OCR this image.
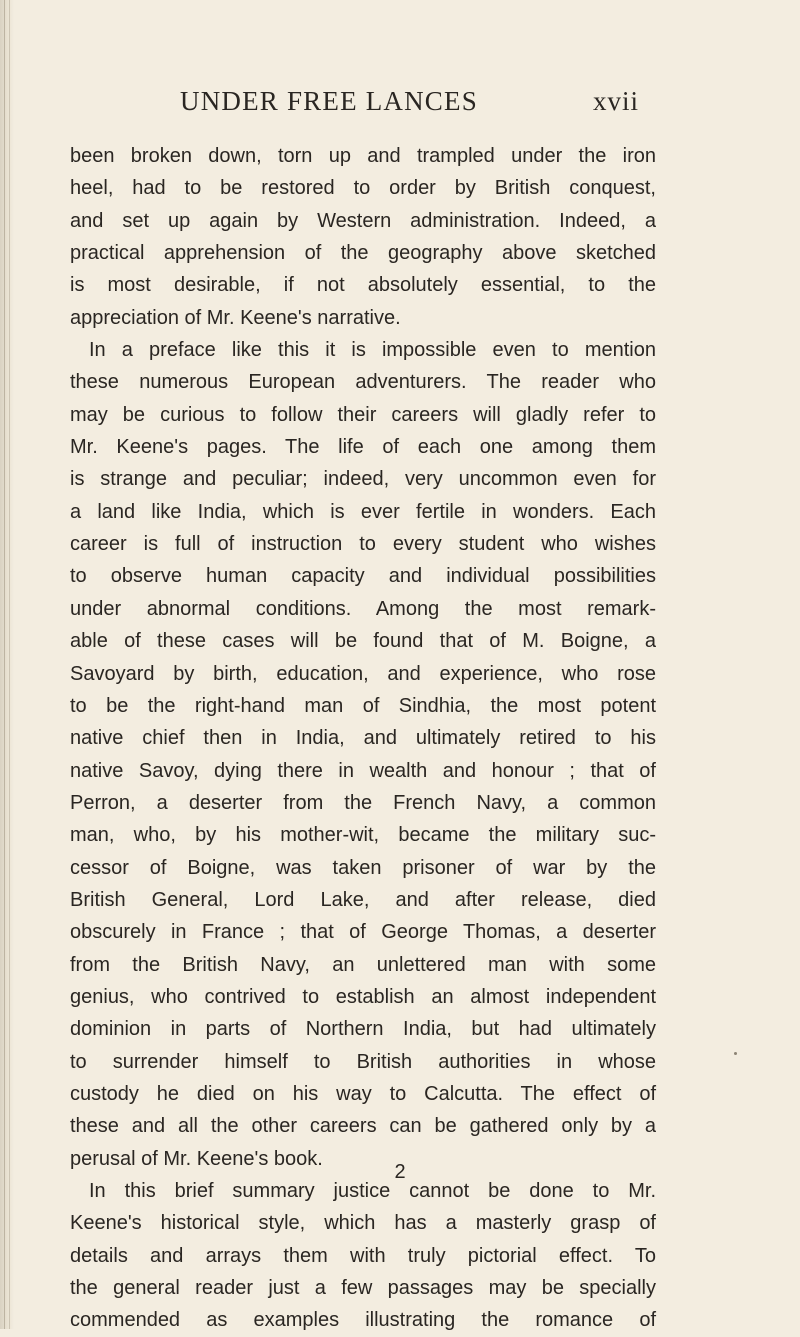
UNDER FREE LANCES	xvii
been broken down, torn up and trampled under the iron
heel, had to be restored to order by British conquest,
and set up again by Western administration. Indeed, a
practical apprehension of the geography above sketched
is most desirable, if not absolutely essential, to the
appreciation of Mr. Keene's narrative.
In a preface like this it is impossible even to mention
these numerous European adventurers. The reader who
may be curious to follow their careers will gladly refer to
Mr. Keene's pages. The life of each one among them
is strange and peculiar; indeed, very uncommon even for
a land like India, which is ever fertile in wonders. Each
career is full of instruction to every student who wishes
to observe human capacity and individual possibilities
under abnormal conditions. Among the most remark-
able of these cases will be found that of M. Boigne, a
Savoyard by birth, education, and experience, who rose
to be the right-hand man of Sindhia, the most potent
native chief then in India, and ultimately retired to his
native Savoy, dying there in wealth and honour ; that of
Perron, a deserter from the French Navy, a common
man, who, by his mother-wit, became the military suc-
cessor of Boigne, was taken prisoner of war by the
British General, Lord Lake, and after release, died
obscurely in France ; that of George Thomas, a deserter
from the British Navy, an unlettered man with some
genius, who contrived to establish an almost independent
dominion in parts of Northern India, but had ultimately
to surrender himself to British authorities in whose
custody he died on his way to Calcutta. The effect of
these and all the other careers can be gathered only by a
perusal of Mr. Keene's book.
In this brief summary justice cannot be done to Mr.
Keene's historical style, which has a masterly grasp of
details and arrays them with truly pictorial effect. To
the general reader just a few passages may be specially
commended as examples illustrating the romance of
2
